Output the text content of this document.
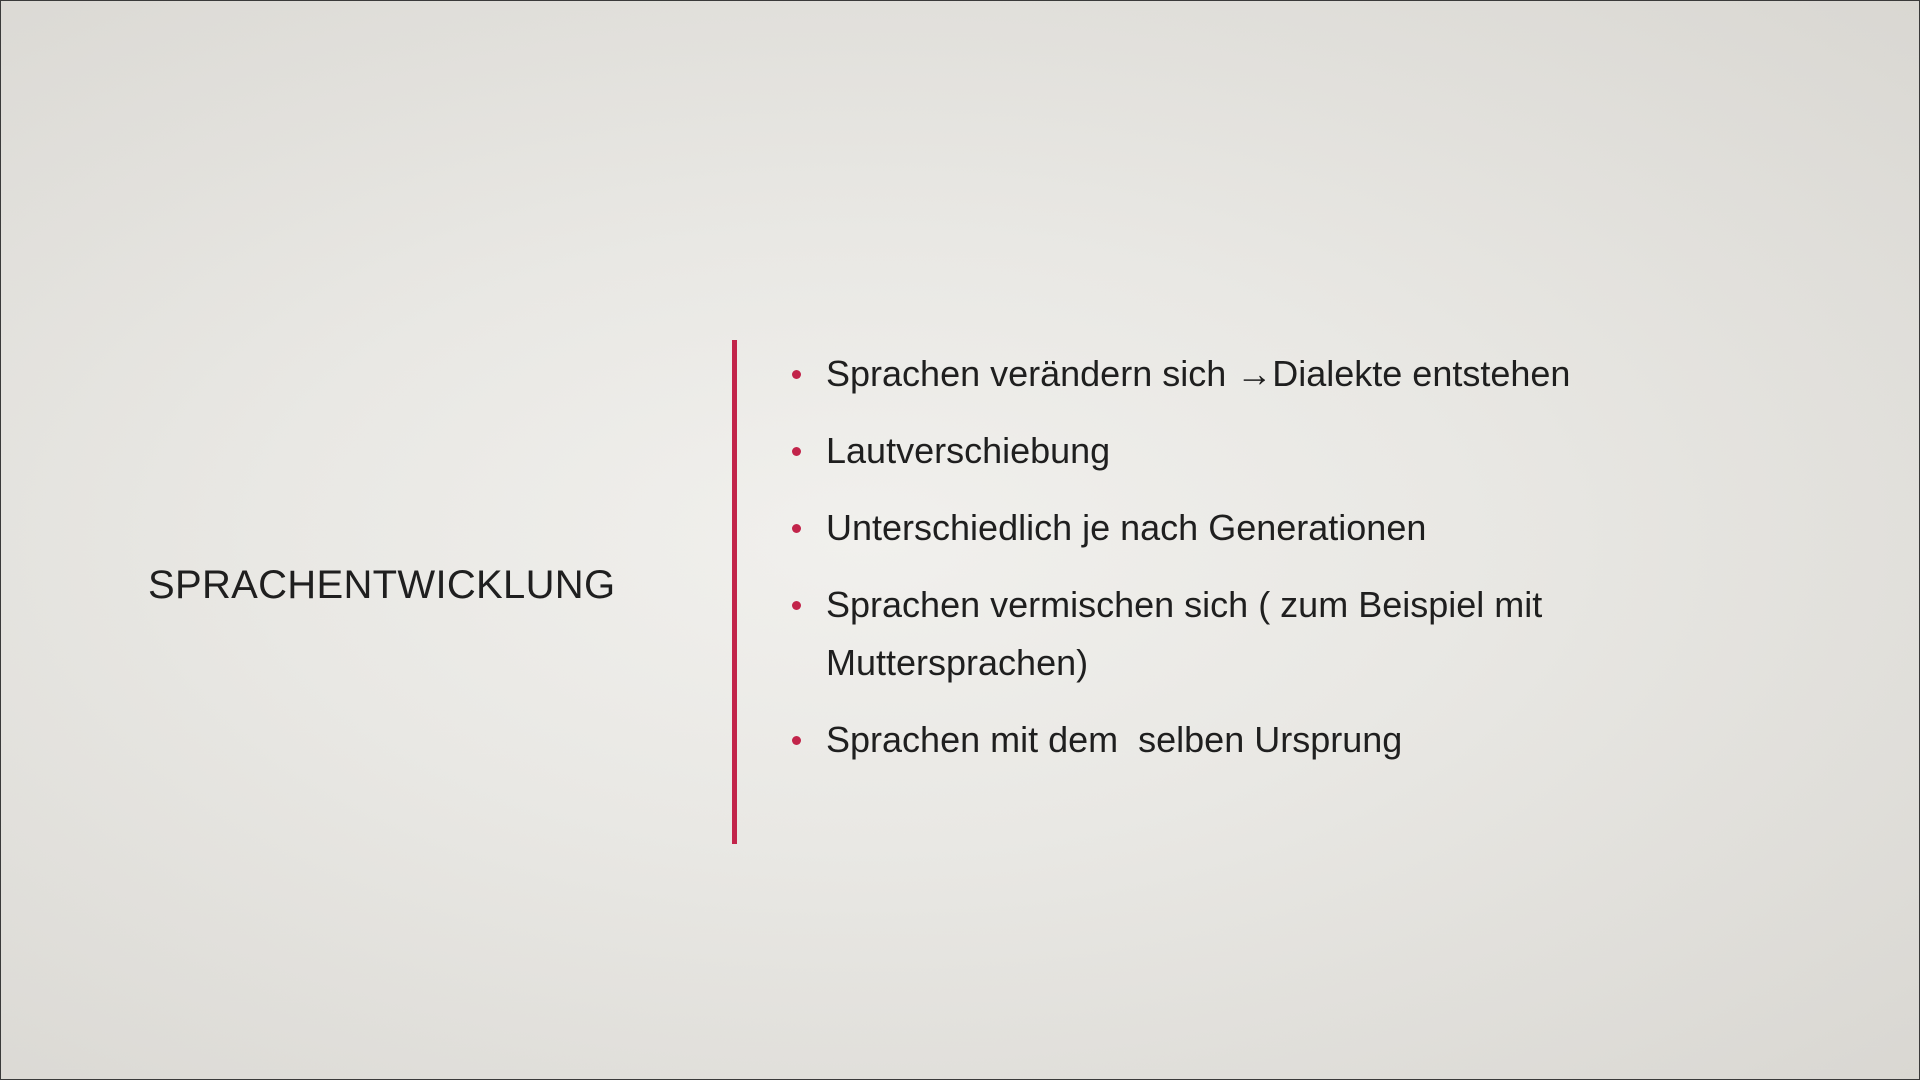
SPRACHENTWICKLUNG
Sprachen verändern sich →Dialekte entstehen
Lautverschiebung
Unterschiedlich je nach Generationen
Sprachen vermischen sich ( zum Beispiel mit Muttersprachen)
Sprachen mit dem  selben Ursprung
